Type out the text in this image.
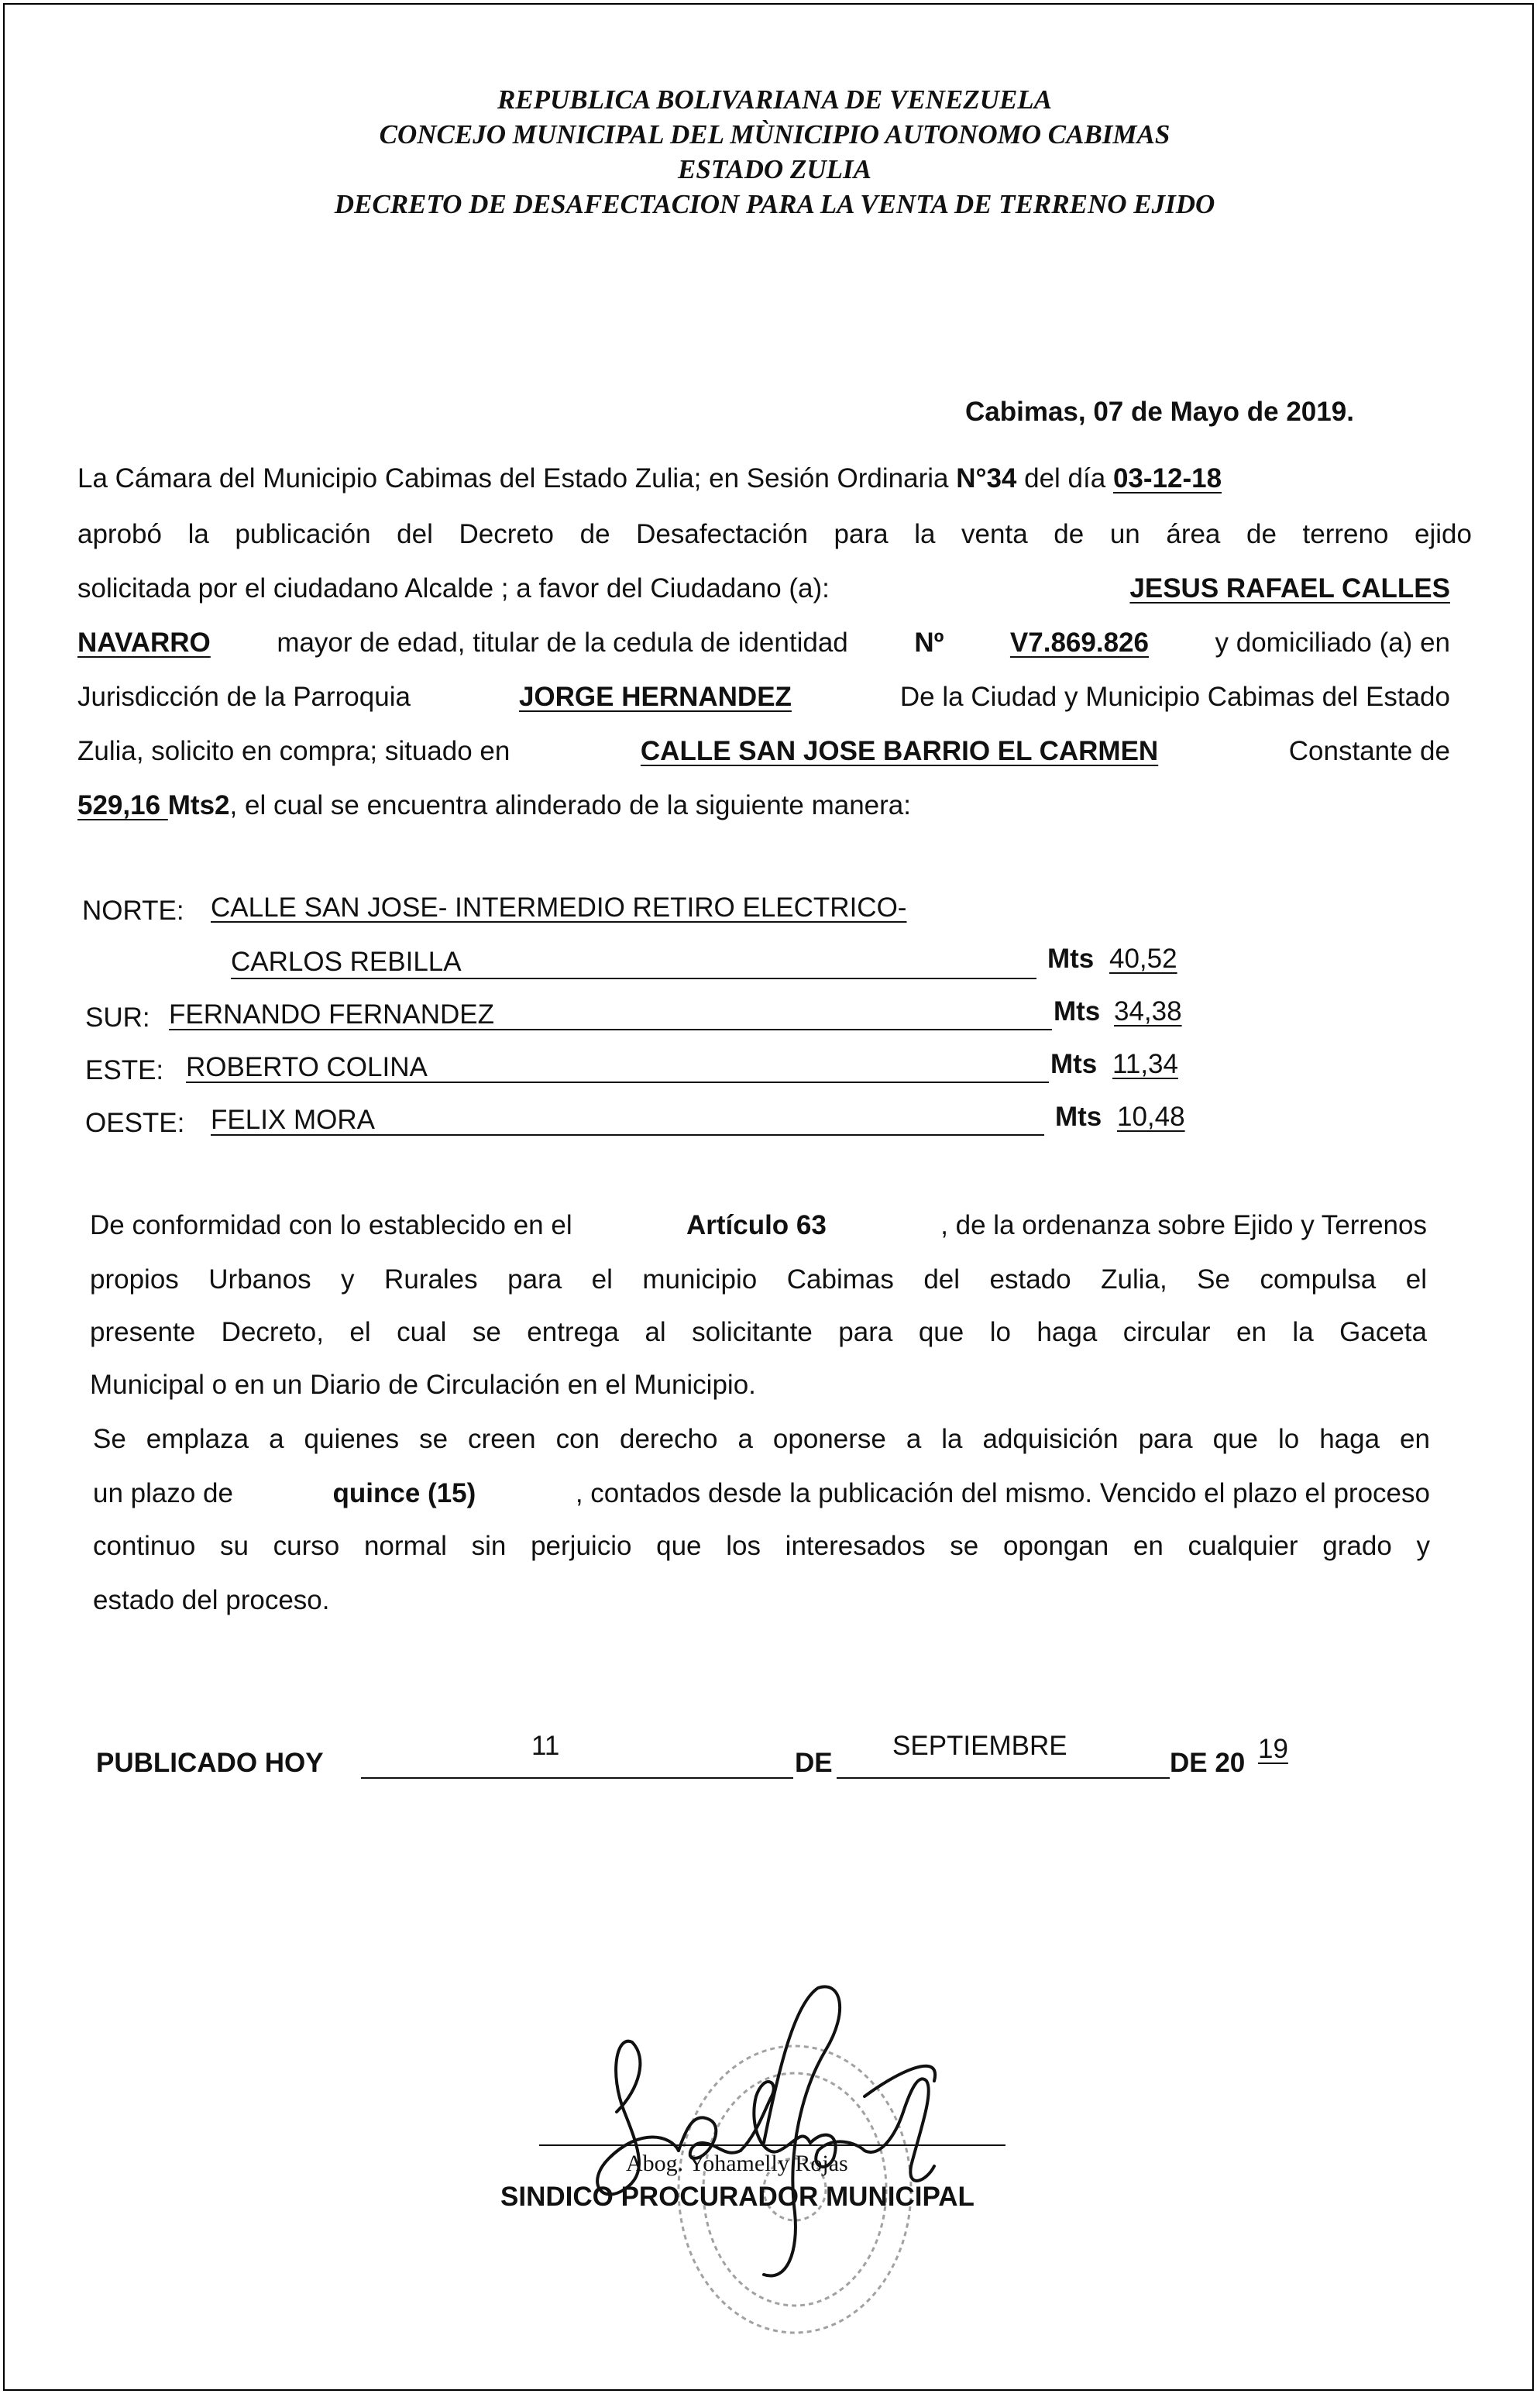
REPUBLICA BOLIVARIANA DE VENEZUELA
CONCEJO MUNICIPAL DEL MÙNICIPIO AUTONOMO CABIMAS
ESTADO ZULIA
DECRETO DE DESAFECTACION PARA LA VENTA DE TERRENO EJIDO
Cabimas, 07 de Mayo de 2019.
La Cámara del Municipio Cabimas del Estado Zulia; en Sesión Ordinaria N°34 del día 03-12-18
aprobó la publicación del Decreto de Desafectación para la venta de un área de terreno ejido
solicitada por el ciudadano Alcalde ; a favor del Ciudadano (a):	JESUS RAFAEL CALLES
NAVARRO mayor de edad, titular de la cedula de identidad Nº V7.869.826 y domiciliado (a) en
Jurisdicción de la Parroquia	JORGE HERNANDEZ	De la Ciudad y Municipio Cabimas del Estado
Zulia, solicito en compra; situado en	CALLE SAN JOSE BARRIO EL CARMEN	Constante de
529,16 Mts2, el cual se encuentra alinderado de la siguiente manera:
NORTE: CALLE SAN JOSE- INTERMEDIO RETIRO ELECTRICO-
CARLOS REBILLA	Mts 40,52
SUR: FERNANDO FERNANDEZ	Mts 34,38
ESTE: ROBERTO COLINA	Mts 11,34
OESTE: FELIX MORA	Mts 10,48
De conformidad con lo establecido en el	Artículo 63	, de la ordenanza sobre Ejido y Terrenos
propios Urbanos y Rurales para el municipio Cabimas del estado Zulia, Se compulsa el
presente Decreto, el cual se entrega al solicitante para que lo haga circular en la Gaceta
Municipal o en un Diario de Circulación en el Municipio.
Se emplaza a quienes se creen con derecho a oponerse a la adquisición para que lo haga en
un plazo de	quince (15)	, contados desde la publicación del mismo. Vencido el plazo el proceso
continuo su curso normal sin perjuicio que los interesados se opongan en cualquier grado y
estado del proceso.
PUBLICADO HOY
11
DE
SEPTIEMBRE
DE 20 19
Abog. Yohamelly Rojas
SINDICO PROCURADOR MUNICIPAL
